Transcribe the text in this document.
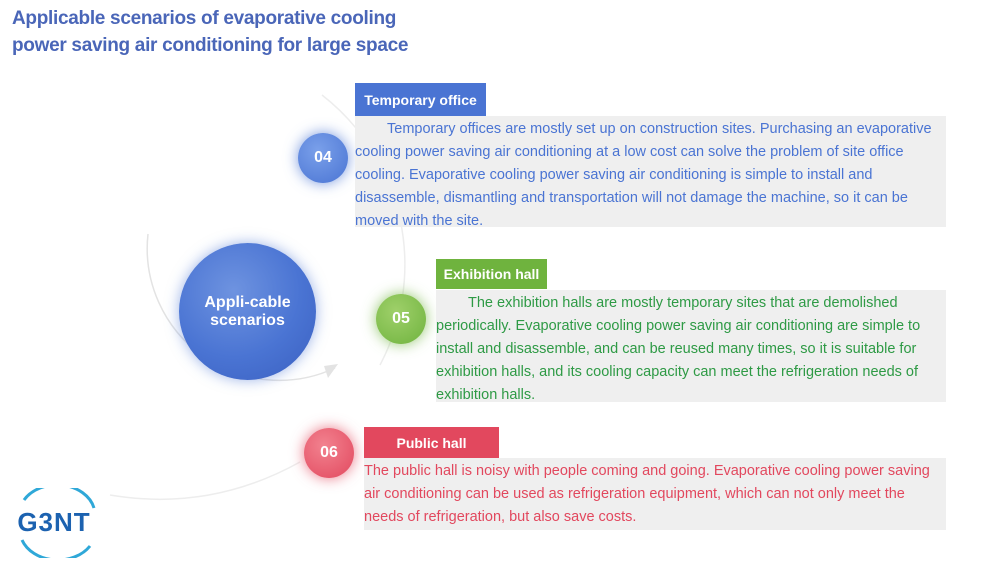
Applicable scenarios of evaporative cooling power saving air conditioning for large space
Appli-cable scenarios
04
Temporary office
Temporary offices are mostly set up on construction sites. Purchasing an evaporative cooling power saving air conditioning at a low cost can solve the problem of site office cooling. Evaporative cooling power saving air conditioning is simple to install and disassemble, dismantling and transportation will not damage the machine, so it can be moved with the site.
05
Exhibition hall
The exhibition halls are mostly temporary sites that are demolished periodically. Evaporative cooling power saving air conditioning are simple to install and disassemble, and can be reused many times, so it is suitable for exhibition halls, and its cooling capacity can meet the refrigeration needs of exhibition halls.
06
Public hall
The public hall is noisy with people coming and going. Evaporative cooling power saving air conditioning can be used as refrigeration equipment, which can not only meet the needs of refrigeration, but also save costs.
G3NT
